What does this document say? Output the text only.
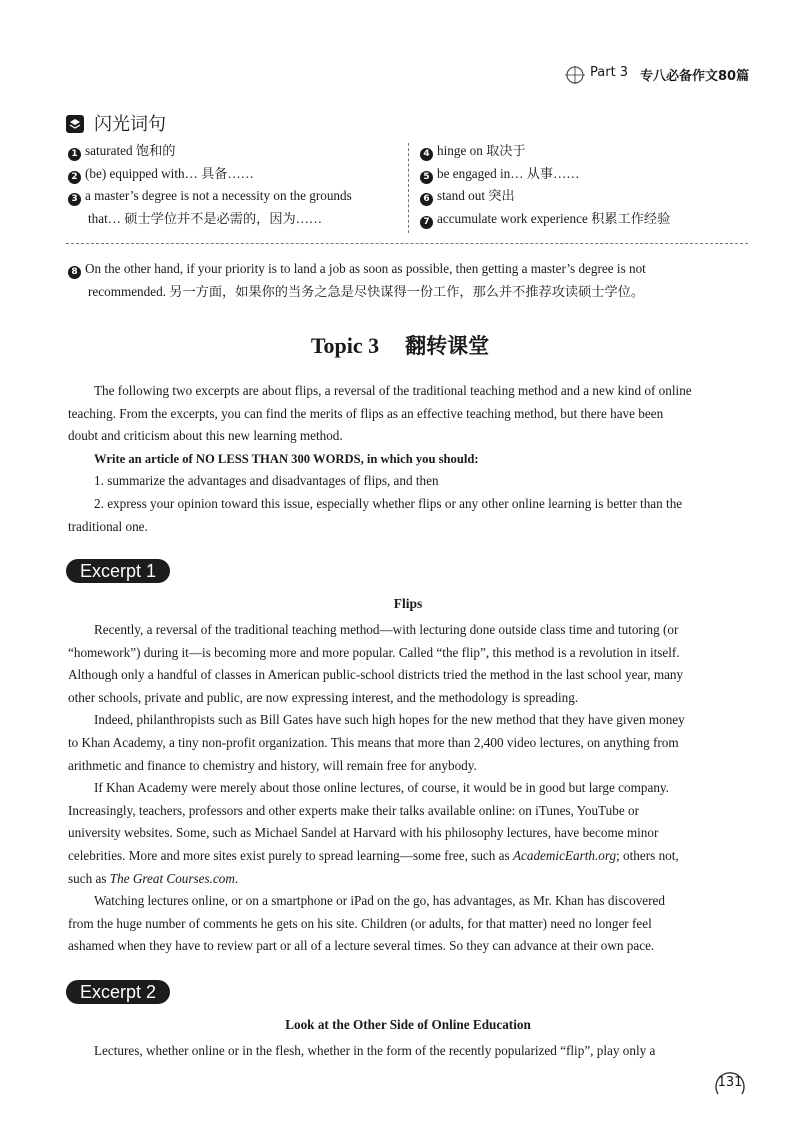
Part 3 专八必备作文80篇
闪光词句
1 saturated 饱和的
2 (be) equipped with… 具备……
3 a master’s degree is not a necessity on the grounds
that… 硕士学位并不是必需的，因为……
4 hinge on 取决于
5 be engaged in… 从事……
6 stand out 突出
7 accumulate work experience 积累工作经验
8 On the other hand, if your priority is to land a job as soon as possible, then getting a master’s degree is not
recommended. 另一方面，如果你的当务之急是尽快谋得一份工作，那么并不推荐攻读硕士学位。
Topic 3 翻转课堂
The following two excerpts are about flips, a reversal of the traditional teaching method and a new kind of online
teaching. From the excerpts, you can find the merits of flips as an effective teaching method, but there have been
doubt and criticism about this new learning method.
Write an article of NO LESS THAN 300 WORDS, in which you should:
1. summarize the advantages and disadvantages of flips, and then
2. express your opinion toward this issue, especially whether flips or any other online learning is better than the
traditional one.
Excerpt 1
Flips
Recently, a reversal of the traditional teaching method—with lecturing done outside class time and tutoring (or
“homework”) during it—is becoming more and more popular. Called “the flip”, this method is a revolution in itself.
Although only a handful of classes in American public-school districts tried the method in the last school year, many
other schools, private and public, are now expressing interest, and the methodology is spreading.
Indeed, philanthropists such as Bill Gates have such high hopes for the new method that they have given money
to Khan Academy, a tiny non-profit organization. This means that more than 2,400 video lectures, on anything from
arithmetic and finance to chemistry and history, will remain free for anybody.
If Khan Academy were merely about those online lectures, of course, it would be in good but large company.
Increasingly, teachers, professors and other experts make their talks available online: on iTunes, YouTube or
university websites. Some, such as Michael Sandel at Harvard with his philosophy lectures, have become minor
celebrities. More and more sites exist purely to spread learning—some free, such as AcademicEarth.org; others not,
such as The Great Courses.com.
Watching lectures online, or on a smartphone or iPad on the go, has advantages, as Mr. Khan has discovered
from the huge number of comments he gets on his site. Children (or adults, for that matter) need no longer feel
ashamed when they have to review part or all of a lecture several times. So they can advance at their own pace.
Excerpt 2
Look at the Other Side of Online Education
Lectures, whether online or in the flesh, whether in the form of the recently popularized “flip”, play only a
131
